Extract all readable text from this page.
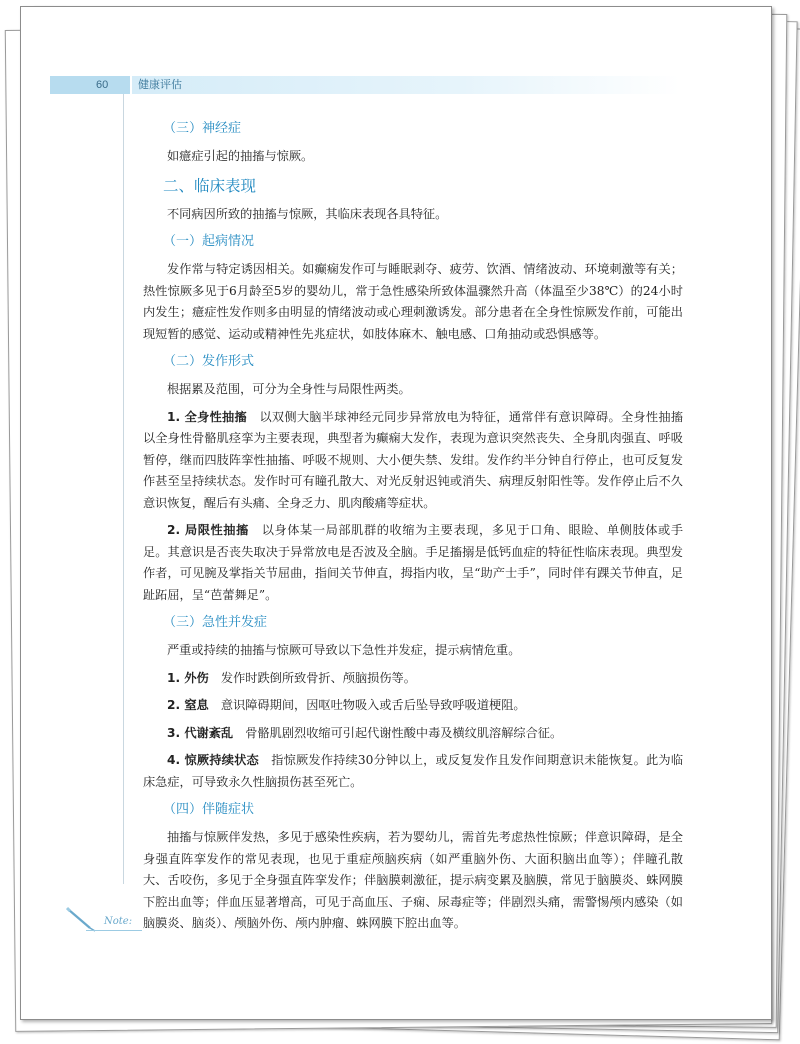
60	健康评估
（三）神经症

如癔症引起的抽搐与惊厥。

二、临床表现

不同病因所致的抽搐与惊厥，其临床表现各具特征。

（一）起病情况

发作常与特定诱因相关。如癫痫发作可与睡眠剥夺、疲劳、饮酒、情绪波动、环境刺激等有关；热性惊厥多见于6月龄至5岁的婴幼儿，常于急性感染所致体温骤然升高（体温至少38℃）的24小时内发生；癔症性发作则多由明显的情绪波动或心理刺激诱发。部分患者在全身性惊厥发作前，可能出现短暂的感觉、运动或精神性先兆症状，如肢体麻木、触电感、口角抽动或恐惧感等。

（二）发作形式

根据累及范围，可分为全身性与局限性两类。

1. 全身性抽搐　 以双侧大脑半球神经元同步异常放电为特征，通常伴有意识障碍。全身性抽搐以全身性骨骼肌痉挛为主要表现，典型者为癫痫大发作，表现为意识突然丧失、全身肌肉强直、呼吸暂停，继而四肢阵挛性抽搐、呼吸不规则、大小便失禁、发绀。发作约半分钟自行停止，也可反复发作甚至呈持续状态。发作时可有瞳孔散大、对光反射迟钝或消失、病理反射阳性等。发作停止后不久意识恢复，醒后有头痛、全身乏力、肌肉酸痛等症状。

2. 局限性抽搐　 以身体某一局部肌群的收缩为主要表现，多见于口角、眼睑、单侧肢体或手足。其意识是否丧失取决于异常放电是否波及全脑。手足搐搦是低钙血症的特征性临床表现。典型发作者，可见腕及掌指关节屈曲，指间关节伸直，拇指内收，呈“助产士手”，同时伴有踝关节伸直，足趾跖屈，呈“芭蕾舞足”。

（三）急性并发症

严重或持续的抽搐与惊厥可导致以下急性并发症，提示病情危重。

1. 外伤　 发作时跌倒所致骨折、颅脑损伤等。

2. 窒息　 意识障碍期间，因呕吐物吸入或舌后坠导致呼吸道梗阻。

3. 代谢紊乱　 骨骼肌剧烈收缩可引起代谢性酸中毒及横纹肌溶解综合征。

4. 惊厥持续状态　 指惊厥发作持续30分钟以上，或反复发作且发作间期意识未能恢复。此为临床急症，可导致永久性脑损伤甚至死亡。

（四）伴随症状

抽搐与惊厥伴发热，多见于感染性疾病，若为婴幼儿，需首先考虑热性惊厥；伴意识障碍，是全身强直阵挛发作的常见表现，也见于重症颅脑疾病（如严重脑外伤、大面积脑出血等）；伴瞳孔散大、舌咬伤，多见于全身强直阵挛发作；伴脑膜刺激征，提示病变累及脑膜，常见于脑膜炎、蛛网膜下腔出血等；伴血压显著增高，可见于高血压、子痫、尿毒症等；伴剧烈头痛，需警惕颅内感染（如脑膜炎、脑炎）、颅脑外伤、颅内肿瘤、蛛网膜下腔出血等。

Note:
